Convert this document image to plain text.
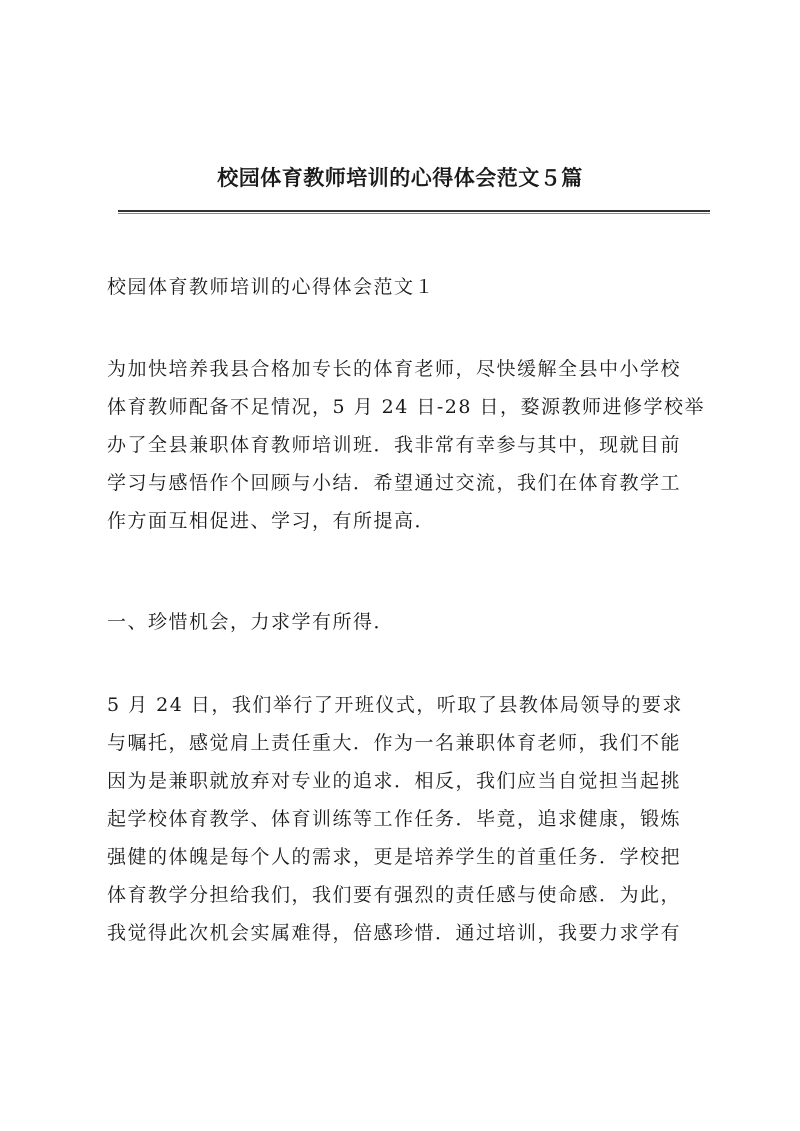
校园体育教师培训的心得体会范文５篇

校园体育教师培训的心得体会范文１

为加快培养我县合格加专长的体育老师，尽快缓解全县中小学校
体育教师配备不足情况，5 月 24 日-28 日，婺源教师进修学校举
办了全县兼职体育教师培训班．我非常有幸参与其中，现就目前
学习与感悟作个回顾与小结．希望通过交流，我们在体育教学工
作方面互相促进、学习，有所提高．

一、珍惜机会，力求学有所得．

5 月 24 日，我们举行了开班仪式，听取了县教体局领导的要求
与嘱托，感觉肩上责任重大．作为一名兼职体育老师，我们不能
因为是兼职就放弃对专业的追求．相反，我们应当自觉担当起挑
起学校体育教学、体育训练等工作任务．毕竟，追求健康，锻炼
强健的体魄是每个人的需求，更是培养学生的首重任务．学校把
体育教学分担给我们，我们要有强烈的责任感与使命感．为此，
我觉得此次机会实属难得，倍感珍惜．通过培训，我要力求学有
